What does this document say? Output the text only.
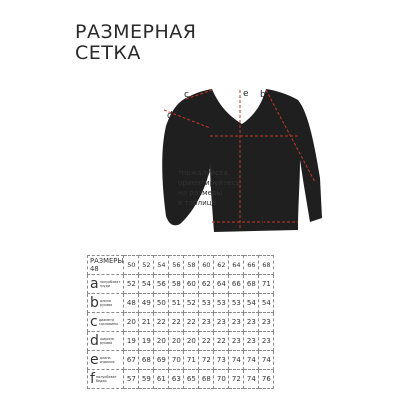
РАЗМЕРНАЯ
СЕТКА
c	e b
d
a
f
*пожалуйста,
ориентируйтесь
на размеры
в таблице
РАЗМЕРЫ 48	50	52	54	56	58	60	62	64	66	68
aполуобхват груди	52	54	56	58	60	62	64	66	68	71
bдлина рукава	48	49	50	51	52	53	53	53	54	54
cдиаметр горловины	20	21	22	22	22	23	23	23	23	23
dширина рукава	19	19	20	20	20	22	22	23	23	23
eдлина изделия	67	68	69	70	71	72	73	74	74	74
fполуобхват бедер	57	59	61	63	65	68	70	72	74	76
